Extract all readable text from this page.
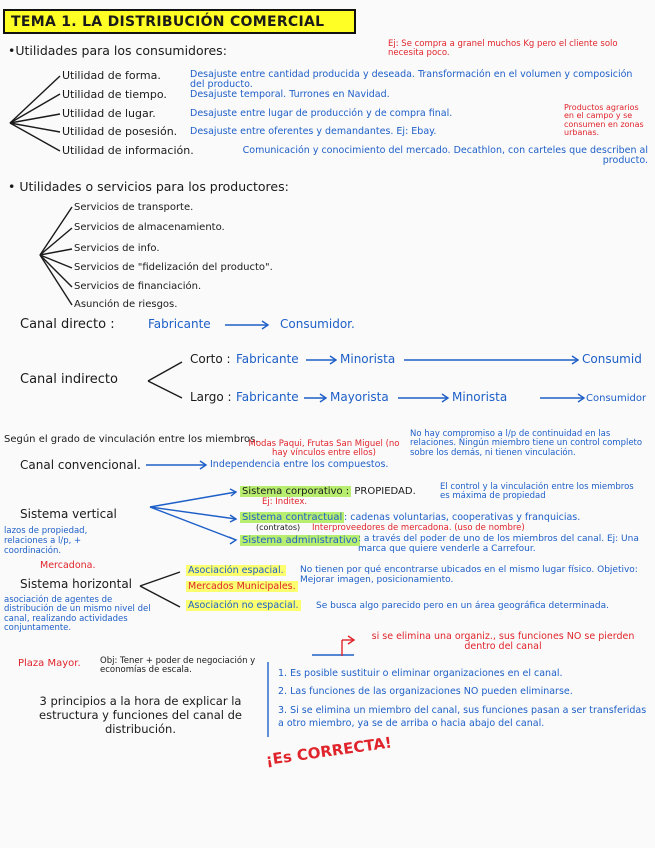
TEMA 1. LA DISTRIBUCIÓN COMERCIAL
•Utilidades para los consumidores:	Ej: Se compra a granel muchos Kg pero el cliente solo necesita poco.
Utilidad de forma.	Desajuste entre cantidad producida y deseada. Transformación en el volumen y composición del producto.
Utilidad de tiempo. Desajuste temporal. Turrones en Navidad.
Utilidad de lugar.	Desajuste entre lugar de producción y de compra final.
Productos agrarios en el campo y se consumen en zonas urbanas.
Utilidad de posesión. Desajuste entre oferentes y demandantes. Ej: Ebay.
Utilidad de información.	Comunicación y conocimiento del mercado. Decathlon, con carteles que describen al producto.
• Utilidades o servicios para los productores:
Servicios de transporte.
Servicios de almacenamiento.
Servicios de info.
Servicios de "fidelización del producto".
Servicios de financiación.
Asunción de riesgos.
Canal directo :	Fabricante	Consumidor.
Canal indirecto
Corto : Fabricante	Minorista	Consumid
Largo : Fabricante	Mayorista	Minorista	Consumidor
Según el grado de vinculación entre los miembros.
Modas Paqui, Frutas San Miguel (no hay vínculos entre ellos)
No hay compromiso a l/p de continuidad en las relaciones. Ningún miembro tiene un control completo sobre los demás, ni tienen vinculación.
Canal convencional.	Independencia entre los compuestos.
Sistema vertical
lazos de propiedad, relaciones a l/p, + coordinación.
Sistema corporativo : PROPIEDAD.
Ej: Inditex.
El control y la vinculación entre los miembros es máxima de propiedad
Sistema contractual
(contratos)
: cadenas voluntarias, cooperativas y franquicias.
Interproveedores de mercadona. (uso de nombre)
Sistema administrativo : a través del poder de uno de los miembros del canal. Ej: Una marca que quiere venderle a Carrefour.
Mercadona.
Sistema horizontal
asociación de agentes de distribución de un mismo nivel del canal, realizando actividades conjuntamente.
Asociación espacial. No tienen por qué encontrarse ubicados en el mismo lugar físico. Objetivo: Mejorar imagen, posicionamiento.
Mercados Municipales.
Asociación no espacial. Se busca algo parecido pero en un área geográfica determinada.
Plaza Mayor. Obj: Tener + poder de negociación y economías de escala.
3 principios a la hora de explicar la estructura y funciones del canal de distribución.
si se elimina una organiz., sus funciones NO se pierden dentro del canal
1. Es posible sustituir o eliminar organizaciones en el canal.
2. Las funciones de las organizaciones NO pueden eliminarse.
3. Si se elimina un miembro del canal, sus funciones pasan a ser transferidas a otro miembro, ya se de arriba o hacia abajo del canal.
¡Es CORRECTA!
